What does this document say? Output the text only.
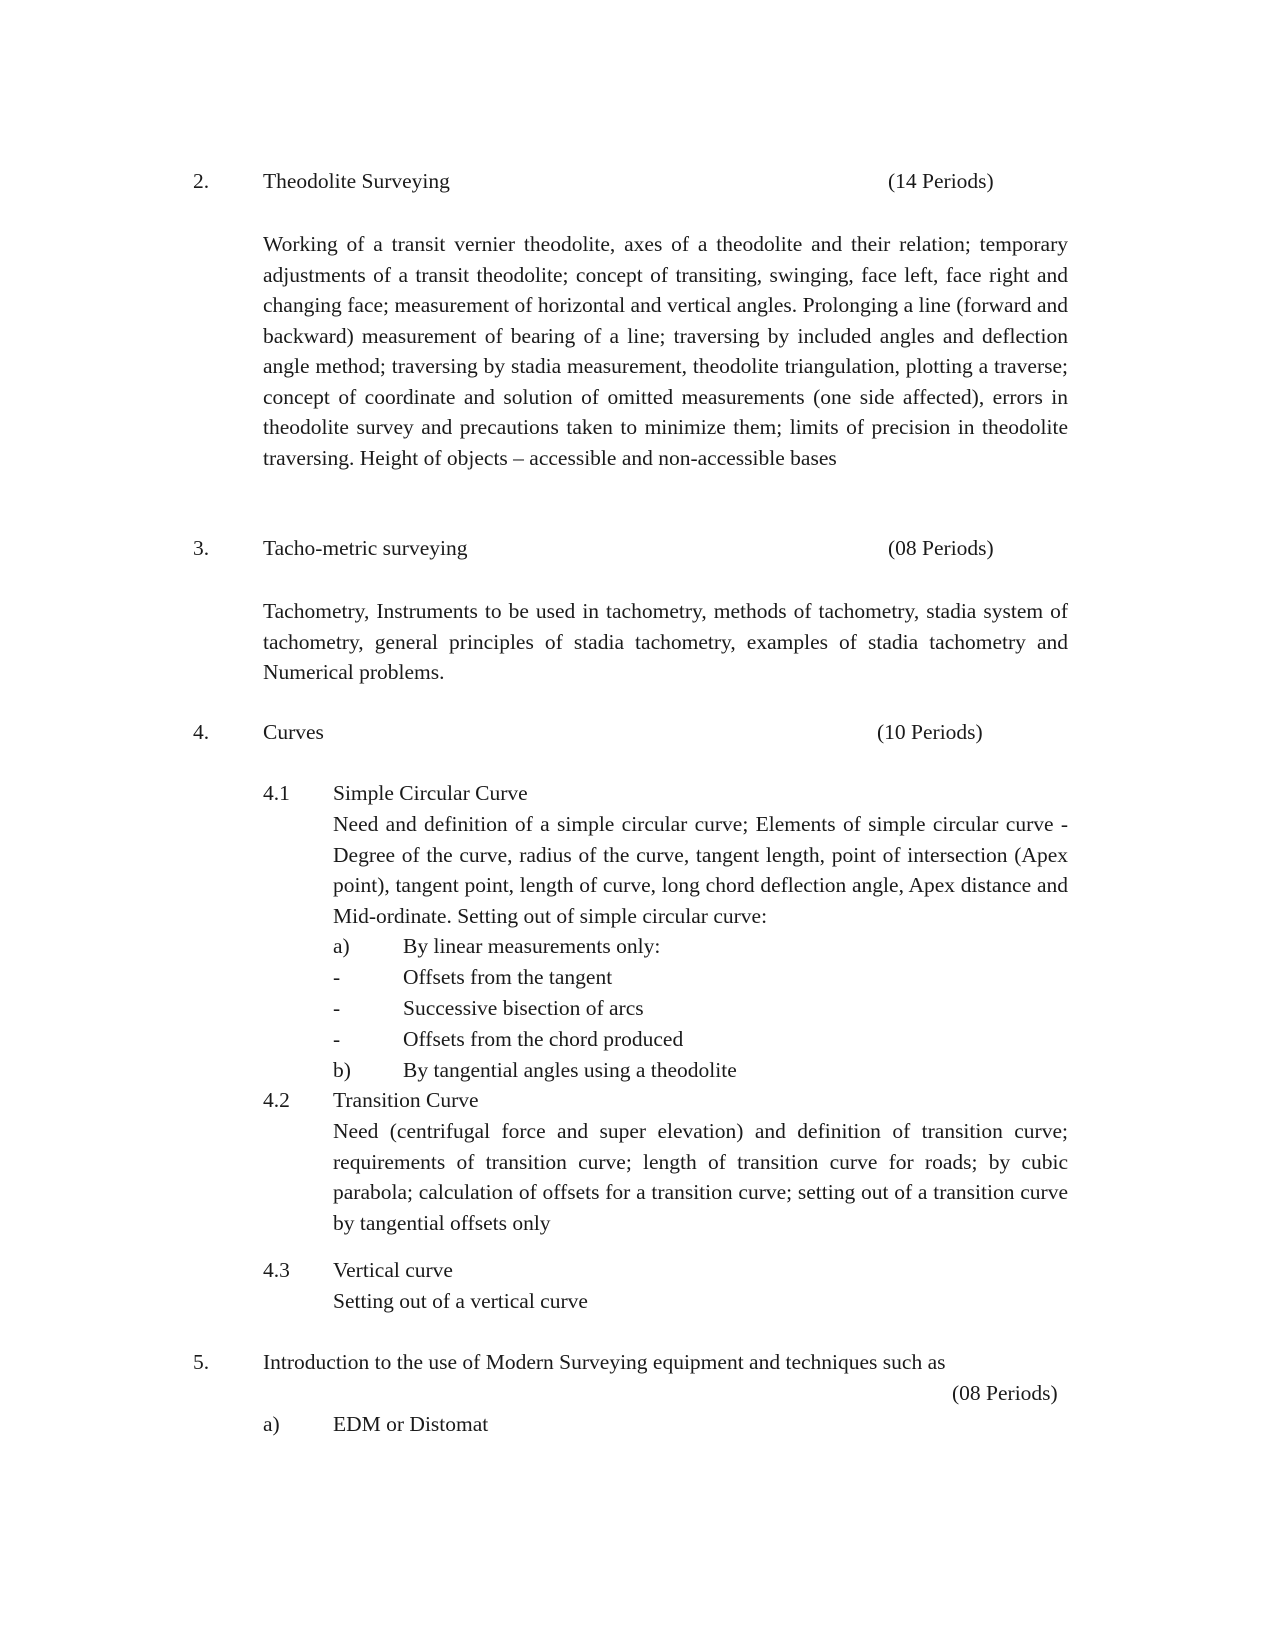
2.	Theodolite Surveying	(14 Periods)
Working of a transit vernier theodolite, axes of a theodolite and their relation; temporary adjustments of a transit theodolite; concept of transiting, swinging, face left, face right and changing face; measurement of horizontal and vertical angles. Prolonging a line (forward and backward) measurement of bearing of a line; traversing by included angles and deflection angle method; traversing by stadia measurement, theodolite triangulation, plotting a traverse; concept of coordinate and solution of omitted measurements (one side affected), errors in theodolite survey and precautions taken to minimize them; limits of precision in theodolite traversing. Height of objects – accessible and non-accessible bases
3.	Tacho-metric surveying	(08 Periods)
Tachometry, Instruments to be used in tachometry, methods of tachometry, stadia system of tachometry, general principles of stadia tachometry, examples of stadia tachometry and Numerical problems.
4.	Curves	(10 Periods)
4.1 Simple Circular Curve
Need and definition of a simple circular curve; Elements of simple circular curve - Degree of the curve, radius of the curve, tangent length, point of intersection (Apex point), tangent point, length of curve, long chord deflection angle, Apex distance and Mid-ordinate. Setting out of simple circular curve:
a) By linear measurements only:
-	Offsets from the tangent
-	Successive bisection of arcs
-	Offsets from the chord produced
b) By tangential angles using a theodolite
4.2 Transition Curve
Need (centrifugal force and super elevation) and definition of transition curve; requirements of transition curve; length of transition curve for roads; by cubic parabola; calculation of offsets for a transition curve; setting out of a transition curve by tangential offsets only
4.3 Vertical curve
Setting out of a vertical curve
5.	Introduction to the use of Modern Surveying equipment and techniques such as
(08 Periods)
a) EDM or Distomat
